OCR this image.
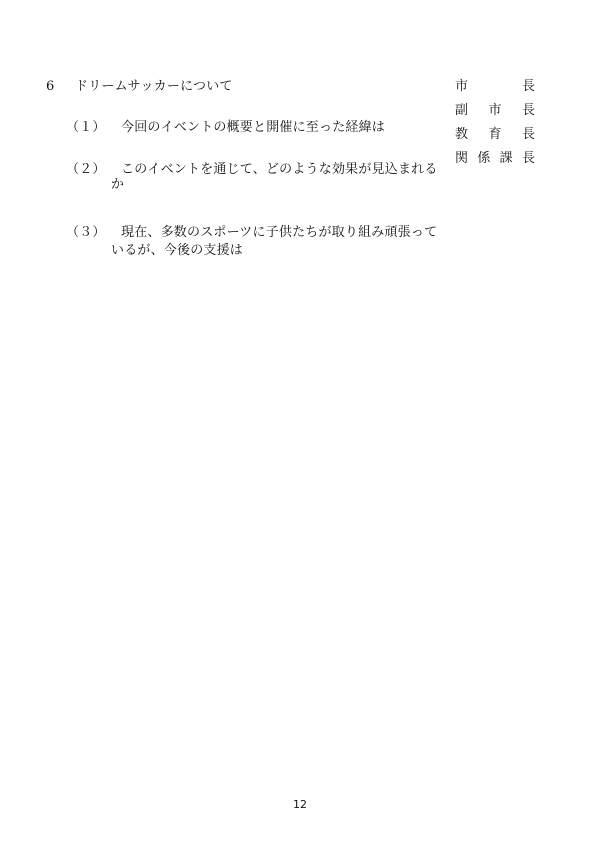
6 ドリームサッカーについて
（１） 今回のイベントの概要と開催に至った経緯は
（２） このイベントを通じて、どのような効果が見込まれる
か
（３） 現在、多数のスポーツに子供たちが取り組み頑張って
いるが、今後の支援は
市	長
副 市 長
教 育 長
関 係 課 長
12
